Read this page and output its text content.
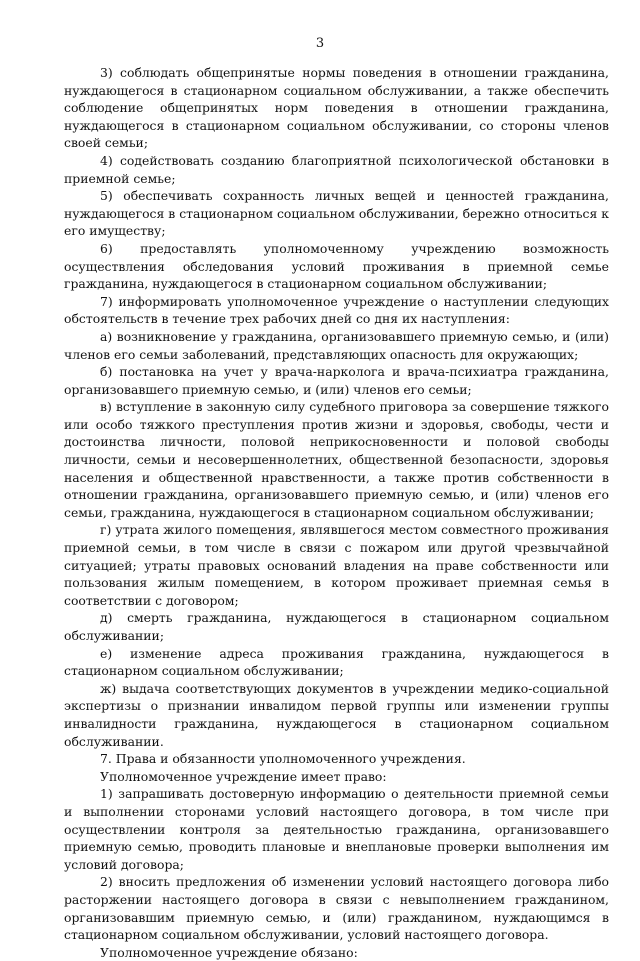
3

3) соблюдать общепринятые нормы поведения в отношении гражданина, нуждающегося в стационарном социальном обслуживании, а также обеспечить соблюдение общепринятых норм поведения в отношении гражданина, нуждающегося в стационарном социальном обслуживании, со стороны членов своей семьи;

4) содействовать созданию благоприятной психологической обстановки в приемной семье;

5) обеспечивать сохранность личных вещей и ценностей гражданина, нуждающегося в стационарном социальном обслуживании, бережно относиться к его имуществу;

6) предоставлять уполномоченному учреждению возможность осуществления обследования условий проживания в приемной семье гражданина, нуждающегося в стационарном социальном обслуживании;

7) информировать уполномоченное учреждение о наступлении следующих обстоятельств в течение трех рабочих дней со дня их наступления:

а) возникновение у гражданина, организовавшего приемную семью, и (или) членов его семьи заболеваний, представляющих опасность для окружающих;

б) постановка на учет у врача-нарколога и врача-психиатра гражданина, организовавшего приемную семью, и (или) членов его семьи;

в) вступление в законную силу судебного приговора за совершение тяжкого или особо тяжкого преступления против жизни и здоровья, свободы, чести и достоинства личности, половой неприкосновенности и половой свободы личности, семьи и несовершеннолетних, общественной безопасности, здоровья населения и общественной нравственности, а также против собственности в отношении гражданина, организовавшего приемную семью, и (или) членов его семьи, гражданина, нуждающегося в стационарном социальном обслуживании;

г) утрата жилого помещения, являвшегося местом совместного проживания приемной семьи, в том числе в связи с пожаром или другой чрезвычайной ситуацией; утраты правовых оснований владения на праве собственности или пользования жилым помещением, в котором проживает приемная семья в соответствии с договором;

д) смерть гражданина, нуждающегося в стационарном социальном обслуживании;

е) изменение адреса проживания гражданина, нуждающегося в стационарном социальном обслуживании;

ж) выдача соответствующих документов в учреждении медико-социальной экспертизы о признании инвалидом первой группы или изменении группы инвалидности гражданина, нуждающегося в стационарном социальном обслуживании.

7. Права и обязанности уполномоченного учреждения.

Уполномоченное учреждение имеет право:

1) запрашивать достоверную информацию о деятельности приемной семьи и выполнении сторонами условий настоящего договора, в том числе при осуществлении контроля за деятельностью гражданина, организовавшего приемную семью, проводить плановые и внеплановые проверки выполнения им условий договора;

2) вносить предложения об изменении условий настоящего договора либо расторжении настоящего договора в связи с невыполнением гражданином, организовавшим приемную семью, и (или) гражданином, нуждающимся в стационарном социальном обслуживании, условий настоящего договора.

Уполномоченное учреждение обязано:
